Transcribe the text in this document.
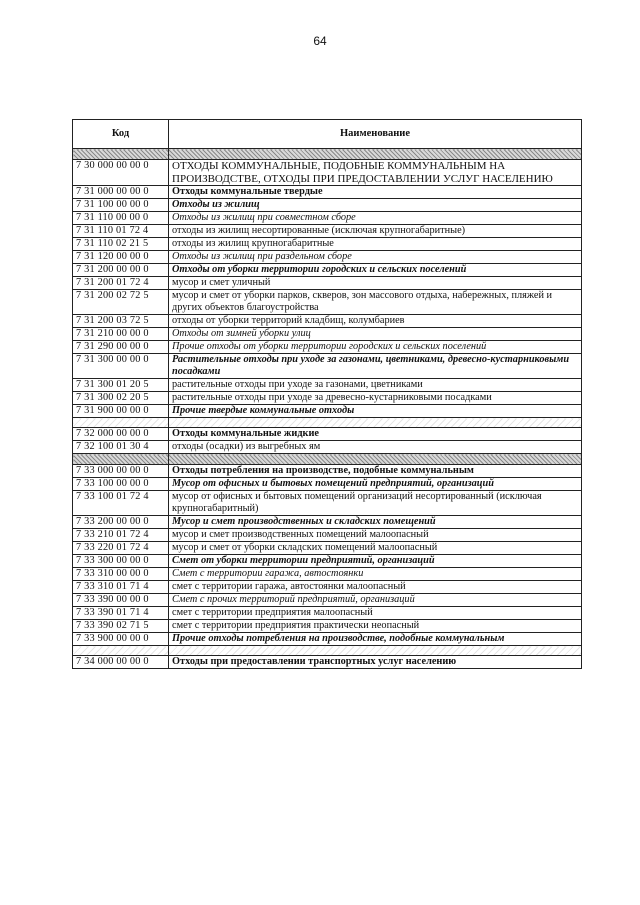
64
Код	Наименование

7 30 000 00 00 0	ОТХОДЫ КОММУНАЛЬНЫЕ, ПОДОБНЫЕ КОММУНАЛЬНЫМ НА ПРОИЗВОДСТВЕ, ОТХОДЫ ПРИ ПРЕДОСТАВЛЕНИИ УСЛУГ НАСЕЛЕНИЮ
7 31 000 00 00 0	Отходы коммунальные твердые
7 31 100 00 00 0	Отходы из жилищ
7 31 110 00 00 0	Отходы из жилищ при совместном сборе
7 31 110 01 72 4	отходы из жилищ несортированные (исключая крупногабаритные)
7 31 110 02 21 5	отходы из жилищ крупногабаритные
7 31 120 00 00 0	Отходы из жилищ при раздельном сборе
7 31 200 00 00 0	Отходы от уборки территории городских и сельских поселений
7 31 200 01 72 4	мусор и смет уличный
7 31 200 02 72 5	мусор и смет от уборки парков, скверов, зон массового отдыха, набережных, пляжей и других объектов благоустройства
7 31 200 03 72 5	отходы от уборки территорий кладбищ, колумбариев
7 31 210 00 00 0	Отходы от зимней уборки улиц
7 31 290 00 00 0	Прочие отходы от уборки территории городских и сельских поселений
7 31 300 00 00 0	Растительные отходы при уходе за газонами, цветниками, древесно-кустарниковыми посадками
7 31 300 01 20 5	растительные отходы при уходе за газонами, цветниками
7 31 300 02 20 5	растительные отходы при уходе за древесно-кустарниковыми посадками
7 31 900 00 00 0	Прочие твердые коммунальные отходы

7 32 000 00 00 0	Отходы коммунальные жидкие
7 32 100 01 30 4	отходы (осадки) из выгребных ям

7 33 000 00 00 0	Отходы потребления на производстве, подобные коммунальным
7 33 100 00 00 0	Мусор от офисных и бытовых помещений предприятий, организаций
7 33 100 01 72 4	мусор от офисных и бытовых помещений организаций несортированный (исключая крупногабаритный)
7 33 200 00 00 0	Мусор и смет производственных и складских помещений
7 33 210 01 72 4	мусор и смет производственных помещений малоопасный
7 33 220 01 72 4	мусор и смет от уборки складских помещений малоопасный
7 33 300 00 00 0	Смет от уборки территории предприятий, организаций
7 33 310 00 00 0	Смет с территории гаража, автостоянки
7 33 310 01 71 4	смет с территории гаража, автостоянки малоопасный
7 33 390 00 00 0	Смет с прочих территорий предприятий, организаций
7 33 390 01 71 4	смет с территории предприятия малоопасный
7 33 390 02 71 5	смет с территории предприятия практически неопасный
7 33 900 00 00 0	Прочие отходы потребления на производстве, подобные коммунальным

7 34 000 00 00 0	Отходы при предоставлении транспортных услуг населению
